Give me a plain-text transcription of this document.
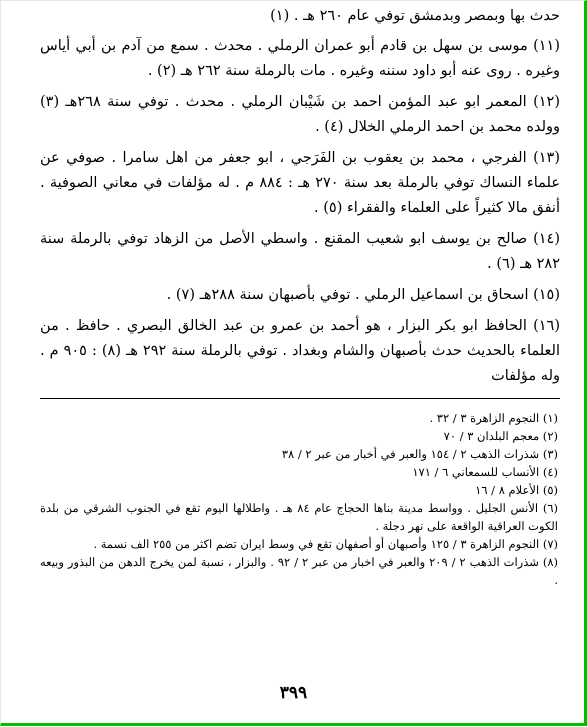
حدث بها وبمصر وبدمشق توفي عام ٢٦٠ هـ . (١)

(١١) موسى بن سهل بن قادم أبو عمران الرملي . محدث . سمع من آدم بن أبي أياس وغيره . روى عنه أبو داود سننه وغيره . مات بالرملة سنة ٢٦٢ هـ (٢) .

(١٢) المعمر ابو عبد المؤمن احمد بن شَيْبان الرملي . محدث . توفي سنة ٢٦٨هـ (٣) وولده محمد بن احمد الرملي الخلال (٤) .

(١٣) الفرجي ، محمد بن يعقوب بن الفَرَجي ، ابو جعفر من اهل سامرا . صوفي عن علماء النساك توفي بالرملة بعد سنة ٢٧٠ هـ : ٨٨٤ م . له مؤلفات في معاني الصوفية . أنفق مالا كثيراً على العلماء والفقراء (٥) .

(١٤) صالح بن يوسف ابو شعيب المقنع . واسطي الأصل من الزهاد توفي بالرملة سنة ٢٨٢ هـ (٦) .

(١٥) اسحاق بن اسماعيل الرملي . توفي بأصبهان سنة ٢٨٨هـ (٧) .

(١٦) الحافظ ابو بكر البزار ، هو أحمد بن عمرو بن عبد الخالق البصري . حافظ . من العلماء بالحديث حدث بأصبهان والشام وبغداد . توفي بالرملة سنة ٢٩٢ هـ (٨) : ٩٠٥ م . وله مؤلفات

(١) النجوم الزاهرة ٣ / ٣٢ .

(٢) معجم البلدان ٣ / ٧٠

(٣) شذرات الذهب ٢ / ١٥٤ والعبر في أخبار من عبر ٢ / ٣٨

(٤) الأنساب للسمعاني ٦ / ١٧١

(٥) الأعلام ٨ / ١٦

(٦) الأنس الجليل . وواسط مدينة بناها الحجاج عام ٨٤ هـ . واطلالها اليوم تقع في الجنوب الشرقي من بلدة الكوت العراقية الواقعة على نهر دجلة .

(٧) النجوم الزاهرة ٣ / ١٢٥ وأصبهان أو أصفهان تقع في وسط ايران تضم اكثر من ٢٥٥ الف نسمة .

(٨) شذرات الذهب ٢ / ٢٠٩ والعبر في اخبار من عبر ٢ / ٩٢ . والبزار ، نسبة لمن يخرج الدهن من البذور وبيعه .

٣٩٩
